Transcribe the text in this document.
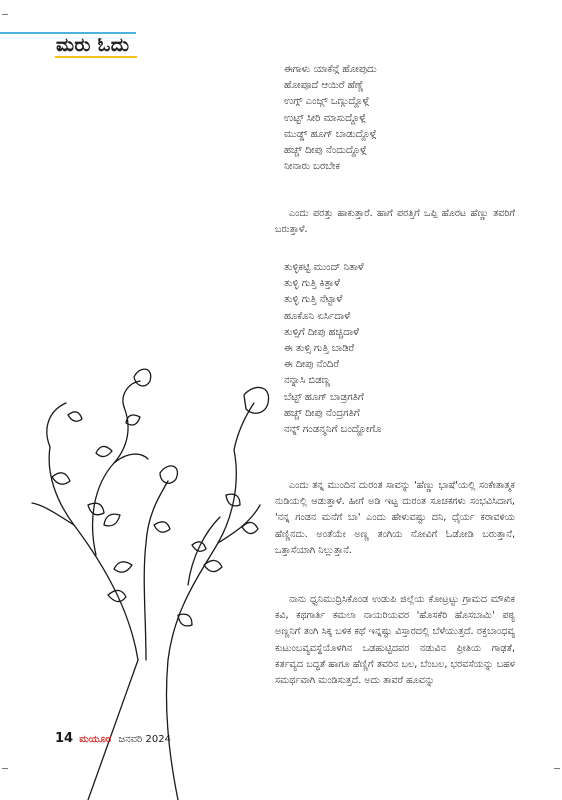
ಮರು ಓದು
ಈಗಾಳು ಯಾಕೆನ್ಗೆ ಹೋಪುದು
ಹೋಪೂದೆ ಆಯಿರೆ ಹೆಣ್ಣೆ
ಉಗ್ಗ್ ಎಂಜ್ಲ್ ಒಣ್ಗುದ್ದೊಳ್ಗೆ
ಉಟ್ಟ್ ಸೀರಿ ಮಾಸುದ್ದೊಳ್ಗೆ
ಮುಡ್ಡ್ ಹೂಗ್ ಬಾಡುದ್ದೊಳ್ಗೆ
ಹಚ್ಚ್ ದೀಪು ನೆಂದುದ್ದೊಳ್ಗೆ
ನೀನಾರು ಬರಬೇಕ

ಎಂದು ಪರತ್ತು ಹಾಕುತ್ತಾರೆ. ಹಾಗೆ ಪರತ್ತಿಗೆ ಒಪ್ಪಿ ಹೊರಟ ಹೆಣ್ಣು ತವರಿಗೆ ಬರುತ್ತಾಳೆ.

ತುಳ್ಳಿಕಟ್ಟಿ ಮುಂದ್ ನಿತಾಳೆ
ತುಳ್ಳಿ ಗುತ್ತಿ ಕಿತ್ತಾಳೆ
ತುಳ್ಳಿ ಗುತ್ತಿ ನೆಟ್ಟಾಳೆ
ಹೂಕೊನಿ ಏರ್ಸಿದಾಳೆ
ತುಳ್ಸಿಗೆ ದೀಪು ಹಚ್ಚಿದಾಳೆ
ಈ ತುಳ್ಸಿ ಗುತ್ತಿ ಬಾಡಿರೆ
ಈ ದೀಪು ನೆಂದಿರೆ
ನನ್ನಾಸಿ ಬಿಡಣ್ಣ
ಬೆಟ್ಟ್ ಹೂಗ್ ಬಾಡ್ರಗತಿಗೆ
ಹಚ್ಚ್ ದೀಪು ನೆಂದ್ರಗತಿಗೆ
ನನ್ನ್ ಗಂಡನ್ಮನಿಗೆ ಬಂದ್ಹೋಗೊ

ಎಂದು ತನ್ನ ಮುಂದಿನ ದುರಂತ ಸಾವನ್ನು 'ಹೆಣ್ಣು ಭಾಷೆ'ಯಲ್ಲಿ ಸಂಕೇತಾತ್ಮಕ ನುಡಿಯಲ್ಲಿ ಆಡುತ್ತಾಳೆ. ಹೀಗೆ ಅಡಿ ಇಟ್ಟ ದುರಂತ ಸೂಚಕಗಳು ಸಂಭವಿಸಿದಾಗ, 'ನನ್ನ ಗಂಡನ ಮನೆಗೆ ಬಾ' ಎಂದು ಹೇಳುವಷ್ಟು ದನಿ, ಧೈರ್ಯ ಕರಾವಳಿಯ ಹೆಣ್ಣಿನದು. ಅಂತೆಯೇ ಅಣ್ಣ ತಂಗಿಯ ನೋವಿಗೆ ಓಡೋಡಿ ಬರುತ್ತಾನೆ, ಒತ್ತಾಸೆಯಾಗಿ ನಿಲ್ಲುತ್ತಾನೆ.

ನಾನು ಧ್ವನಿಮುದ್ರಿಸಿಕೊಂಡ ಉಡುಪಿ ಜಿಲ್ಲೆಯ ಕೋಟ್ರಟ್ಟು ಗ್ರಾಮದ ಮೌಖಿಕ ಕವಿ, ಕಥಗಾರ್ತಿ ಕಮಲಾ ನಾಯರಿಯವರ 'ಹೊಸಕೆರಿ ಹೊಸಬಾಮಿ' ಪಠ್ಯ ಅಣ್ಣನಿಗೆ ತಂಗಿ ಸಿಕ್ಕ ಬಳಿಕ ಕಥೆ ಇನ್ನಷ್ಟು ವಿಸ್ತಾರದಲ್ಲಿ ಬೆಳೆಯುತ್ತದೆ. ರಕ್ತಬಾಂಧವ್ಯ ಕುಟುಂಬವ್ಯವಸ್ಥೆಯೊಳಗಿನ ಒಡಹುಟ್ಟಿದವರ ನಡುವಿನ ಪ್ರೀತಿಯ ಗಾಢತೆ, ಕರ್ತವ್ಯದ ಬದ್ಧತೆ ಹಾಗೂ ಹೆಣ್ಣಿಗೆ ತವರಿನ ಬಲ, ಬೆಂಬಲ, ಭರವಸೆಯನ್ನು ಬಹಳ ಸಮರ್ಥವಾಗಿ ಮಂಡಿಸುತ್ತದೆ. ಅದು ತಾವರೆ ಹೂವನ್ನು

14 ಮಯೂರ ಜನವರಿ 2024
